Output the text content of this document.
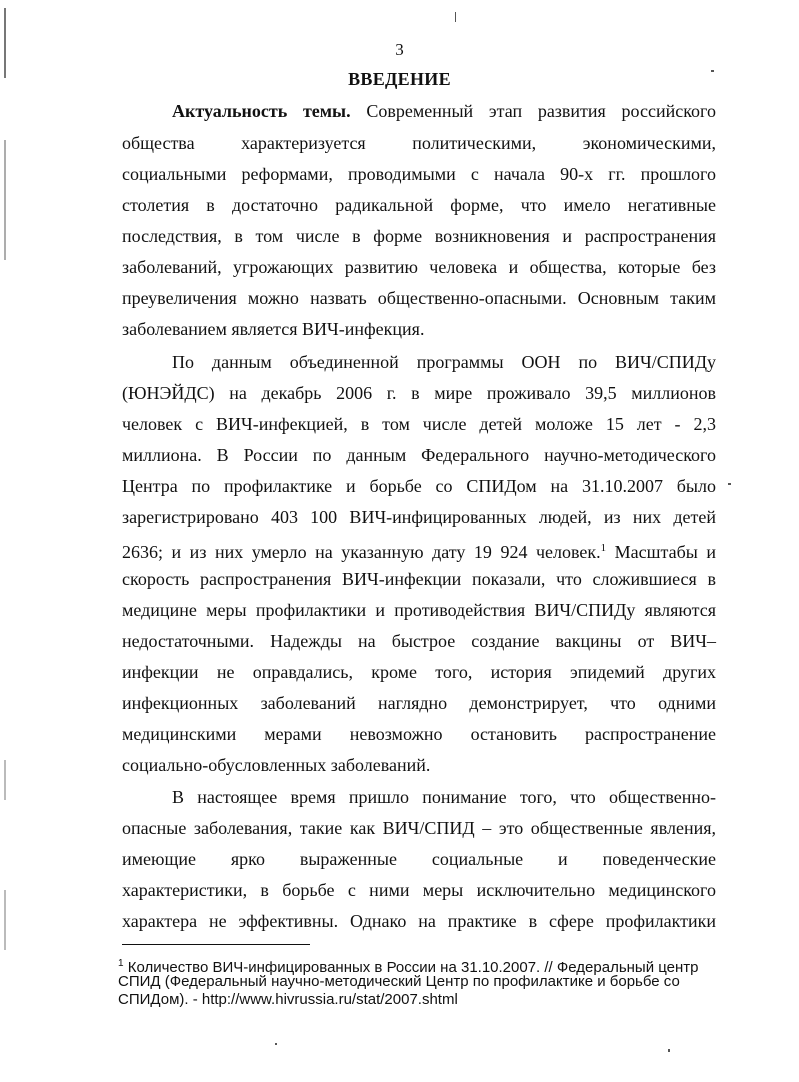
3
ВВЕДЕНИЕ
Актуальность темы. Современный этап развития российского
общества характеризуется политическими, экономическими,
социальными реформами, проводимыми с начала 90-х гг. прошлого
столетия в достаточно радикальной форме, что имело негативные
последствия, в том числе в форме возникновения и распространения
заболеваний, угрожающих развитию человека и общества, которые без
преувеличения можно назвать общественно-опасными. Основным таким
заболеванием является ВИЧ-инфекция.
По данным объединенной программы ООН по ВИЧ/СПИДу
(ЮНЭЙДС) на декабрь 2006 г. в мире проживало 39,5 миллионов
человек с ВИЧ-инфекцией, в том числе детей моложе 15 лет - 2,3
миллиона. В России по данным Федерального научно-методического
Центра по профилактике и борьбе со СПИДом на 31.10.2007 было
зарегистрировано 403 100 ВИЧ-инфицированных людей, из них детей
2636; и из них умерло на указанную дату 19 924 человек.$^1$ Масштабы и
скорость распространения ВИЧ-инфекции показали, что сложившиеся в
медицине меры профилактики и противодействия ВИЧ/СПИДу являются
недостаточными. Надежды на быстрое создание вакцины от ВИЧ–
инфекции не оправдались, кроме того, история эпидемий других
инфекционных заболеваний наглядно демонстрирует, что одними
медицинскими мерами невозможно остановить распространение
социально-обусловленных заболеваний.
В настоящее время пришло понимание того, что общественно-
опасные заболевания, такие как ВИЧ/СПИД – это общественные явления,
имеющие ярко выраженные социальные и поведенческие
характеристики, в борьбе с ними меры исключительно медицинского
характера не эффективны. Однако на практике в сфере профилактики
$^1$ Количество ВИЧ-инфицированных в России на 31.10.2007. // Федеральный центр
СПИД (Федеральный научно-методический Центр по профилактике и борьбе со
СПИДом). - http://www.hivrussia.ru/stat/2007.shtml
